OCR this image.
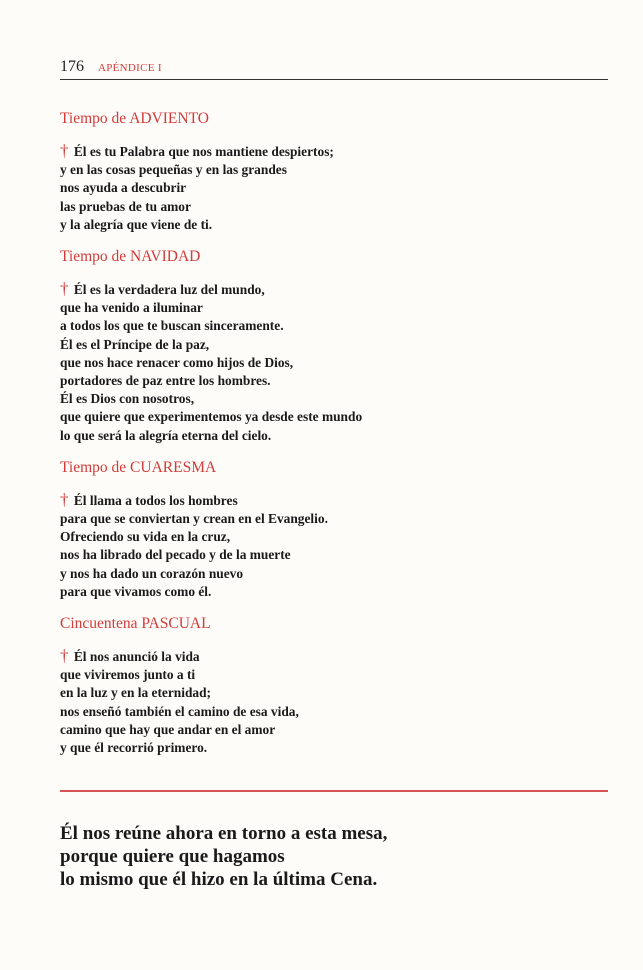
176 APÉNDICE I
Tiempo de ADVIENTO
† Él es tu Palabra que nos mantiene despiertos;
y en las cosas pequeñas y en las grandes
nos ayuda a descubrir
las pruebas de tu amor
y la alegría que viene de ti.
Tiempo de NAVIDAD
† Él es la verdadera luz del mundo,
que ha venido a iluminar
a todos los que te buscan sinceramente.
Él es el Príncipe de la paz,
que nos hace renacer como hijos de Dios,
portadores de paz entre los hombres.
Él es Dios con nosotros,
que quiere que experimentemos ya desde este mundo
lo que será la alegría eterna del cielo.
Tiempo de CUARESMA
† Él llama a todos los hombres
para que se conviertan y crean en el Evangelio.
Ofreciendo su vida en la cruz,
nos ha librado del pecado y de la muerte
y nos ha dado un corazón nuevo
para que vivamos como él.
Cincuentena PASCUAL
† Él nos anunció la vida
que viviremos junto a ti
en la luz y en la eternidad;
nos enseñó también el camino de esa vida,
camino que hay que andar en el amor
y que él recorrió primero.
Él nos reúne ahora en torno a esta mesa,
porque quiere que hagamos
lo mismo que él hizo en la última Cena.
